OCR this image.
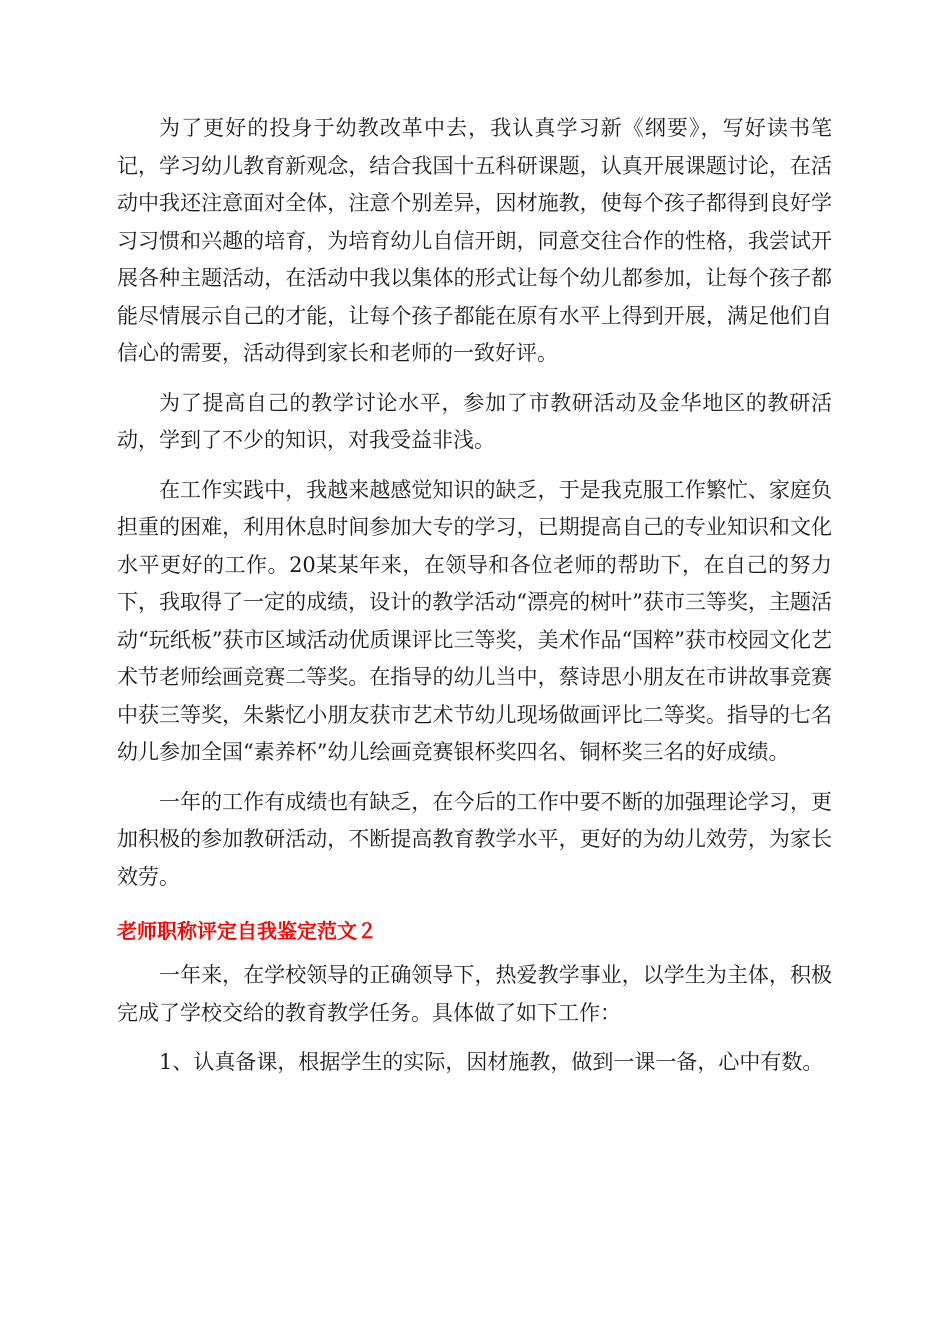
为了更好的投身于幼教改革中去，我认真学习新《纲要》，写好读书笔记，学习幼儿教育新观念，结合我国十五科研课题，认真开展课题讨论，在活动中我还注意面对全体，注意个别差异，因材施教，使每个孩子都得到良好学习习惯和兴趣的培育，为培育幼儿自信开朗，同意交往合作的性格，我尝试开展各种主题活动，在活动中我以集体的形式让每个幼儿都参加，让每个孩子都能尽情展示自己的才能，让每个孩子都能在原有水平上得到开展，满足他们自信心的需要，活动得到家长和老师的一致好评。

为了提高自己的教学讨论水平，参加了市教研活动及金华地区的教研活动，学到了不少的知识，对我受益非浅。

在工作实践中，我越来越感觉知识的缺乏，于是我克服工作繁忙、家庭负担重的困难，利用休息时间参加大专的学习，已期提高自己的专业知识和文化水平更好的工作。20某某年来，在领导和各位老师的帮助下，在自己的努力下，我取得了一定的成绩，设计的教学活动“漂亮的树叶”获市三等奖，主题活动“玩纸板”获市区域活动优质课评比三等奖，美术作品“国粹”获市校园文化艺术节老师绘画竞赛二等奖。在指导的幼儿当中，蔡诗思小朋友在市讲故事竞赛中获三等奖，朱紫忆小朋友获市艺术节幼儿现场做画评比二等奖。指导的七名幼儿参加全国“素养杯”幼儿绘画竞赛银杯奖四名、铜杯奖三名的好成绩。

一年的工作有成绩也有缺乏，在今后的工作中要不断的加强理论学习，更加积极的参加教研活动，不断提高教育教学水平，更好的为幼儿效劳，为家长效劳。

老师职称评定自我鉴定范文２

一年来，在学校领导的正确领导下，热爱教学事业，以学生为主体，积极完成了学校交给的教育教学任务。具体做了如下工作：

1、认真备课，根据学生的实际，因材施教，做到一课一备，心中有数。
